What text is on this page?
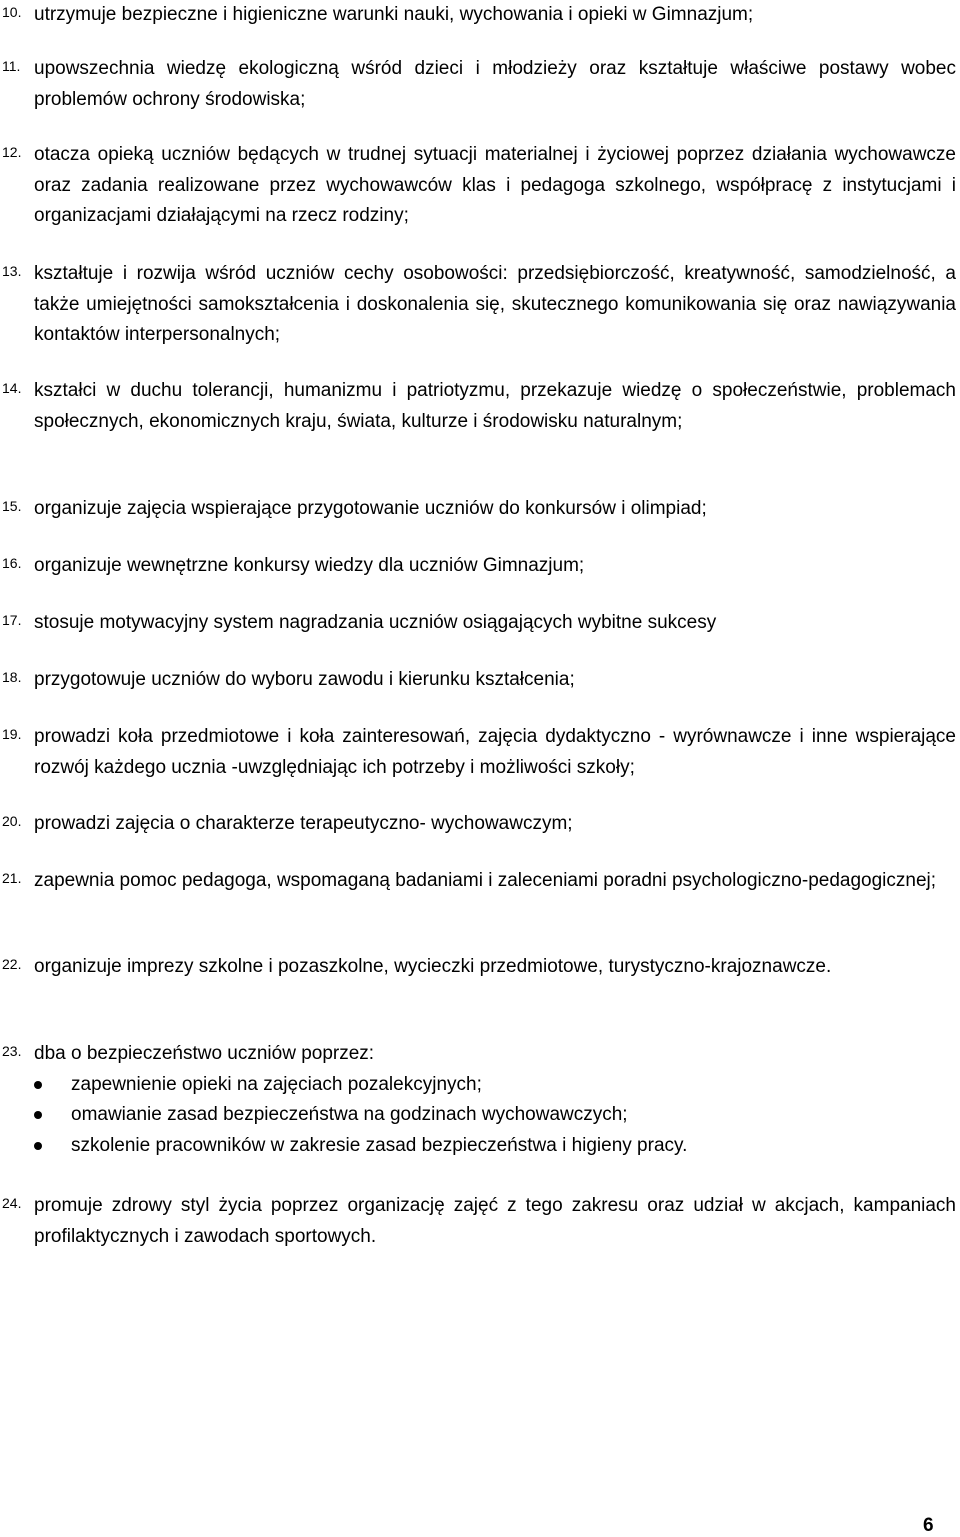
10. utrzymuje bezpieczne i higieniczne warunki nauki, wychowania i opieki w Gimnazjum;
11. upowszechnia wiedzę ekologiczną wśród dzieci i młodzieży oraz kształtuje właściwe postawy wobec problemów ochrony środowiska;
12. otacza opieką uczniów będących w trudnej sytuacji materialnej i życiowej poprzez działania wychowawcze oraz zadania realizowane przez wychowawców klas i pedagoga szkolnego, współpracę z instytucjami i organizacjami działającymi na rzecz rodziny;
13. kształtuje i rozwija wśród uczniów cechy osobowości: przedsiębiorczość, kreatywność, samodzielność, a także umiejętności samokształcenia i doskonalenia się, skutecznego komunikowania się oraz nawiązywania kontaktów interpersonalnych;
14. kształci w duchu tolerancji, humanizmu i patriotyzmu, przekazuje wiedzę o społeczeństwie, problemach społecznych, ekonomicznych kraju, świata, kulturze i środowisku naturalnym;
15. organizuje zajęcia wspierające przygotowanie uczniów do konkursów i olimpiad;
16. organizuje wewnętrzne konkursy wiedzy dla uczniów Gimnazjum;
17. stosuje motywacyjny system nagradzania uczniów osiągających wybitne sukcesy
18. przygotowuje uczniów do wyboru zawodu i kierunku kształcenia;
19. prowadzi koła przedmiotowe i koła zainteresowań, zajęcia dydaktyczno - wyrównawcze i inne wspierające rozwój każdego ucznia -uwzględniając ich potrzeby i możliwości szkoły;
20. prowadzi zajęcia o charakterze terapeutyczno- wychowawczym;
21. zapewnia pomoc pedagoga, wspomaganą badaniami i zaleceniami poradni psychologiczno-pedagogicznej;
22. organizuje imprezy szkolne i pozaszkolne, wycieczki przedmiotowe, turystyczno-krajoznawcze.
23. dba o bezpieczeństwo uczniów poprzez:
zapewnienie opieki na zajęciach pozalekcyjnych;
omawianie zasad bezpieczeństwa na godzinach wychowawczych;
szkolenie pracowników w zakresie zasad bezpieczeństwa i higieny pracy.
24. promuje zdrowy styl życia poprzez organizację zajęć z tego zakresu oraz udział w akcjach, kampaniach profilaktycznych i zawodach sportowych.
6
